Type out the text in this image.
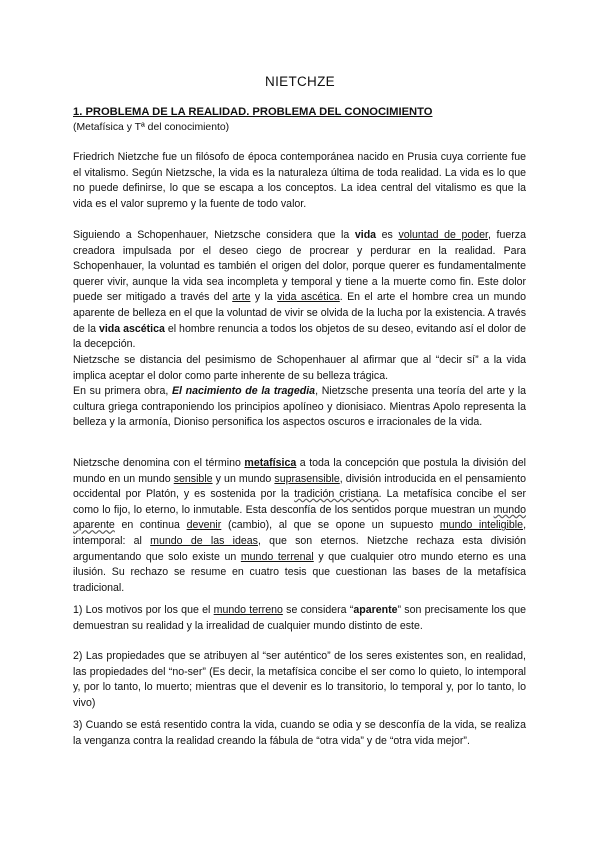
NIETCHZE
1. PROBLEMA DE LA REALIDAD. PROBLEMA DEL CONOCIMIENTO
(Metafísica y Tª del conocimiento)

Friedrich Nietzche fue un filósofo de época contemporánea nacido en Prusia cuya corriente fue el vitalismo. Según Nietzsche, la vida es la naturaleza última de toda realidad. La vida es lo que no puede definirse, lo que se escapa a los conceptos. La idea central del vitalismo es que la vida es el valor supremo y la fuente de todo valor.

Siguiendo a Schopenhauer, Nietzsche considera que la vida es voluntad de poder, fuerza creadora impulsada por el deseo ciego de procrear y perdurar en la realidad. Para Schopenhauer, la voluntad es también el origen del dolor, porque querer es fundamentalmente querer vivir, aunque la vida sea incompleta y temporal y tiene a la muerte como fin. Este dolor puede ser mitigado a través del arte y la vida ascética. En el arte el hombre crea un mundo aparente de belleza en el que la voluntad de vivir se olvida de la lucha por la existencia. A través de la vida ascética el hombre renuncia a todos los objetos de su deseo, evitando así el dolor de la decepción.

Nietzsche se distancia del pesimismo de Schopenhauer al afirmar que al “decir sí” a la vida implica aceptar el dolor como parte inherente de su belleza trágica.
En su primera obra, El nacimiento de la tragedia, Nietzsche presenta una teoría del arte y la cultura griega contraponiendo los principios apolíneo y dionisiaco. Mientras Apolo representa la belleza y la armonía, Dioniso personifica los aspectos oscuros e irracionales de la vida.

Nietzsche denomina con el término metafísica a toda la concepción que postula la división del mundo en un mundo sensible y un mundo suprasensible, división introducida en el pensamiento occidental por Platón, y es sostenida por la tradición cristiana. La metafísica concibe el ser como lo fijo, lo eterno, lo inmutable. Esta desconfía de los sentidos porque muestran un mundo aparente en continua devenir (cambio), al que se opone un supuesto mundo inteligible, intemporal: al mundo de las ideas, que son eternos. Nietzche rechaza esta división argumentando que solo existe un mundo terrenal y que cualquier otro mundo eterno es una ilusión. Su rechazo se resume en cuatro tesis que cuestionan las bases de la metafísica tradicional.

1) Los motivos por los que el mundo terreno se considera “aparente” son precisamente los que demuestran su realidad y la irrealidad de cualquier mundo distinto de este.

2) Las propiedades que se atribuyen al “ser auténtico” de los seres existentes son, en realidad, las propiedades del “no-ser” (Es decir, la metafísica concibe el ser como lo quieto, lo intemporal y, por lo tanto, lo muerto; mientras que el devenir es lo transitorio, lo temporal y, por lo tanto, lo vivo)

3) Cuando se está resentido contra la vida, cuando se odia y se desconfía de la vida, se realiza la venganza contra la realidad creando la fábula de “otra vida” y de “otra vida mejor”.
